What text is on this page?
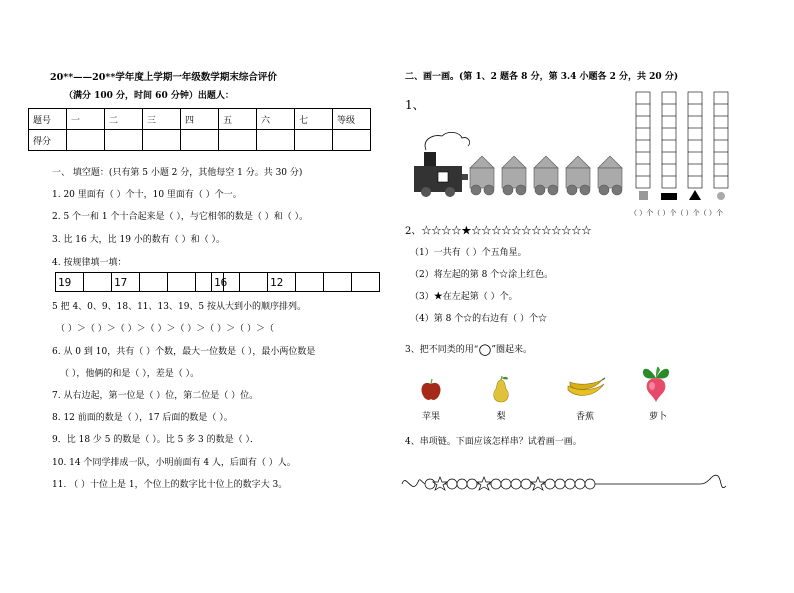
20**——20**学年度上学期一年级数学期末综合评价
（满分 100 分，时间 60 分钟）出题人：
题号	一	二	三	四	五	六	七	等级
得分								
一、 填空题：(只有第 5 小题 2 分，其他每空 1 分。共 30 分)
1. 20 里面有（ ）个十，10 里面有（ ）个一。
2. 5 个一和 1 个十合起来是（ ），与它相邻的数是（ ）和（ ）。
3. 比 16 大，比 19 小的数有（ ）和（ ）。
4. 按规律填一填：
19	17	16	12
5 把 4、0、9、18、11、13、19、5 按从大到小的顺序排列。
（ ）＞（ ）＞（ ）＞（ ）＞（ ）＞（ ）＞（ ）＞（
6. 从 0 到 10，共有（ ）个数，最大一位数是（ ），最小两位数是
（ ），他俩的和是（ ），差是（ ）。
7. 从右边起，第一位是（ ）位，第二位是（ ）位。
8. 12 前面的数是（ ），17 后面的数是（ ）。
9．比 18 少 5 的数是（ ）。比 5 多 3 的数是（ ）．
10. 14 个同学排成一队，小明前面有 4 人，后面有（ ）人。
11. （ ）十位上是 1，个位上的数字比十位上的数字大 3。
二、画一画。(第 1、2 题各 8 分，第 3.4 小题各 2 分，共 20 分)
1、
（ ）个（ ）个（ ）个（ ）个
2、☆☆☆☆★☆☆☆☆☆☆☆☆☆☆☆☆
（1）一共有（ ）个五角星。
（2）将左起的第 8 个☆涂上红色。
（3）★在左起第（ ）个。
（4）第 8 个☆的右边有（ ）个☆
3、把不同类的用“○”圈起来。
苹果	梨	香蕉	萝卜
4、串项链。下面应该怎样串？试着画一画。
